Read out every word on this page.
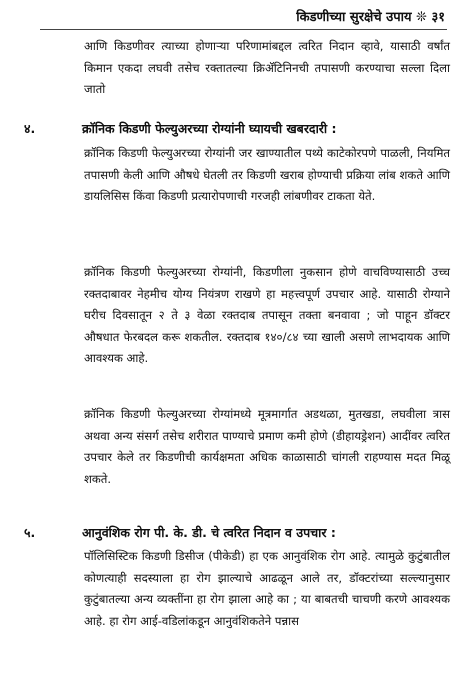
किडणीच्या सुरक्षेचे उपाय ❊ ३१

आणि किडणीवर त्याच्या होणाऱ्या परिणामांबद्दल त्वरित निदान व्हावे, यासाठी वर्षांत किमान एकदा लघवी तसेच रक्तातल्या क्रिॲटिनिनची तपासणी करण्याचा सल्ला दिला जातो

४.	क्रॉनिक किडणी फेल्युअरच्या रोग्यांनी घ्यायची खबरदारी :

क्रॉनिक किडणी फेल्युअरच्या रोग्यांनी जर खाण्यातील पथ्ये काटेकोरपणे पाळली, नियमित तपासणी केली आणि औषधे घेतली तर किडणी खराब होण्याची प्रक्रिया लांब शकते आणि डायलिसिस किंवा किडणी प्रत्यारोपणाची गरजही लांबणीवर टाकता येते.

क्रॉनिक किडणी फेल्युअरच्या रोग्यांनी, किडणीला नुकसान होणे वाचविण्यासाठी उच्च रक्तदाबावर नेहमीच योग्य नियंत्रण राखणे हा महत्त्वपूर्ण उपचार आहे. यासाठी रोग्याने घरीच दिवसातून २ ते ३ वेळा रक्तदाब तपासून तक्ता बनवावा ; जो पाहून डॉक्टर औषधात फेरबदल करू शकतील. रक्तदाब १४०/८४ च्या खाली असणे लाभदायक आणि आवश्यक आहे.

क्रॉनिक किडणी फेल्युअरच्या रोग्यांमध्ये मूत्रमार्गात अडथळा, मुतखडा, लघवीला त्रास अथवा अन्य संसर्ग तसेच शरीरात पाण्याचे प्रमाण कमी होणे (डीहायड्रेशन) आदींवर त्वरित उपचार केले तर किडणीची कार्यक्षमता अधिक काळासाठी चांगली राहण्यास मदत मिळू शकते.

५.	आनुवंशिक रोग पी. के. डी. चे त्वरित निदान व उपचार :

पॉलिसिस्टिक किडणी डिसीज (पीकेडी) हा एक आनुवंशिक रोग आहे. त्यामुळे कुटुंबातील कोणत्याही सदस्याला हा रोग झाल्याचे आढळून आले तर, डॉक्टरांच्या सल्ल्यानुसार कुटुंबातल्या अन्य व्यक्तींना हा रोग झाला आहे का ; या बाबतची चाचणी करणे आवश्यक आहे. हा रोग आई-वडिलांकडून आनुवंशिकतेने पन्नास
